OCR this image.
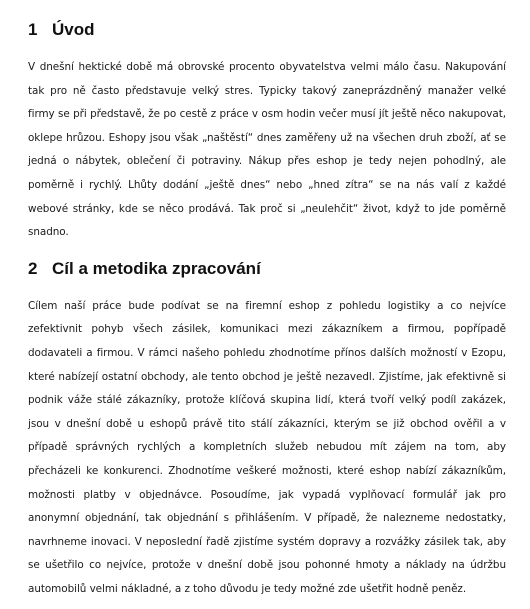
1 Úvod

V dnešní hektické době má obrovské procento obyvatelstva velmi málo času. Nakupování tak pro ně často představuje velký stres. Typicky takový zaneprázdněný manažer velké firmy se při představě, že po cestě z práce v osm hodin večer musí jít ještě něco nakupovat, oklepe hrůzou. Eshopy jsou však „naštěstí“ dnes zaměřeny už na všechen druh zboží, ať se jedná o nábytek, oblečení či potraviny. Nákup přes eshop je tedy nejen pohodlný, ale poměrně i rychlý. Lhůty dodání „ještě dnes“ nebo „hned zítra“ se na nás valí z každé webové stránky, kde se něco prodává. Tak proč si „neulehčit“ život, když to jde poměrně snadno.

2 Cíl a metodika zpracování

Cílem naší práce bude podívat se na firemní eshop z pohledu logistiky a co nejvíce zefektivnit pohyb všech zásilek, komunikaci mezi zákazníkem a firmou, popřípadě dodavateli a firmou. V rámci našeho pohledu zhodnotíme přínos dalších možností v Ezopu, které nabízejí ostatní obchody, ale tento obchod je ještě nezavedl. Zjistíme, jak efektivně si podnik váže stálé zákazníky, protože klíčová skupina lidí, která tvoří velký podíl zakázek, jsou v dnešní době u eshopů právě tito stálí zákazníci, kterým se již obchod ověřil a v případě správných rychlých a kompletních služeb nebudou mít zájem na tom, aby přecházeli ke konkurenci. Zhodnotíme veškeré možnosti, které eshop nabízí zákazníkům, možnosti platby v objednávce. Posoudíme, jak vypadá vyplňovací formulář jak pro anonymní objednání, tak objednání s přihlášením. V případě, že nalezneme nedostatky, navrhneme inovaci. V neposlední řadě zjistíme systém dopravy a rozvážky zásilek tak, aby se ušetřilo co nejvíce, protože v dnešní době jsou pohonné hmoty a náklady na údržbu automobilů velmi nákladné, a z toho důvodu je tedy možné zde ušetřit hodně peněz.
